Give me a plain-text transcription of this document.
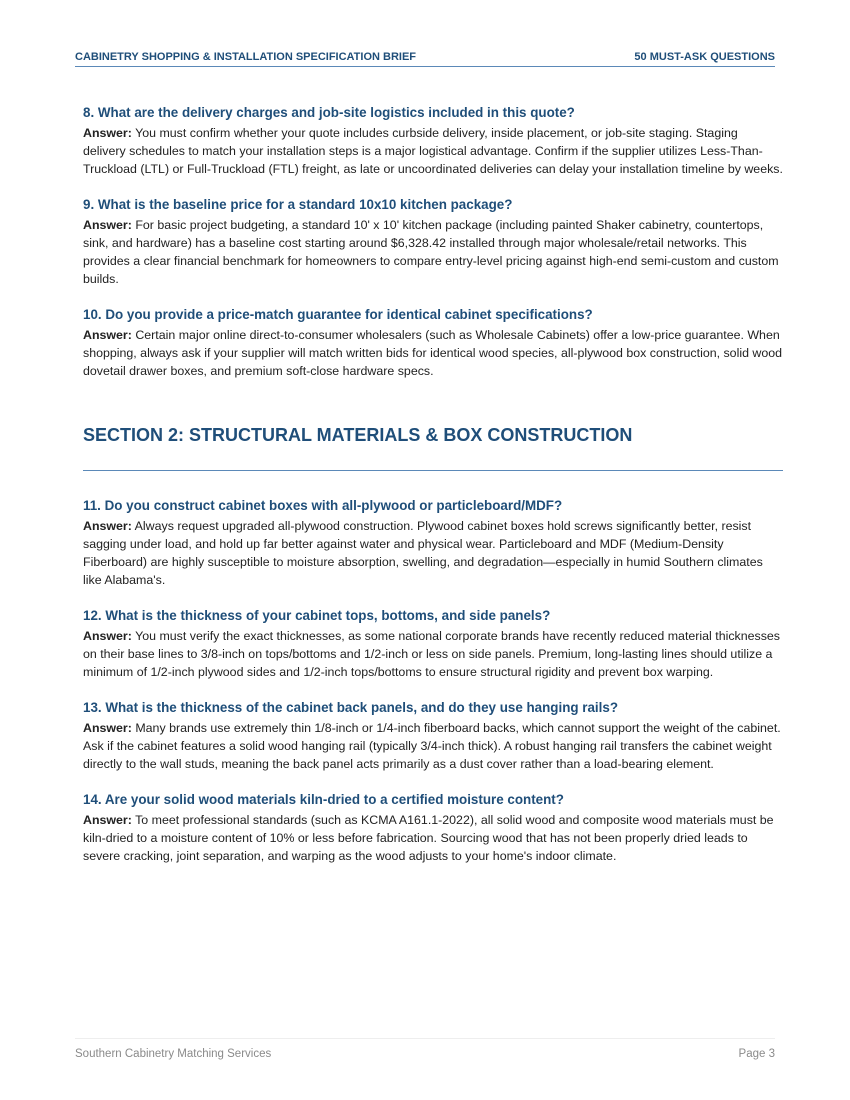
CABINETRY SHOPPING & INSTALLATION SPECIFICATION BRIEF	50 MUST-ASK QUESTIONS

8. What are the delivery charges and job-site logistics included in this quote?

Answer: You must confirm whether your quote includes curbside delivery, inside placement, or job-site staging. Staging delivery schedules to match your installation steps is a major logistical advantage. Confirm if the supplier utilizes Less-Than-Truckload (LTL) or Full-Truckload (FTL) freight, as late or uncoordinated deliveries can delay your installation timeline by weeks.

9. What is the baseline price for a standard 10x10 kitchen package?

Answer: For basic project budgeting, a standard 10' x 10' kitchen package (including painted Shaker cabinetry, countertops, sink, and hardware) has a baseline cost starting around $6,328.42 installed through major wholesale/retail networks. This provides a clear financial benchmark for homeowners to compare entry-level pricing against high-end semi-custom and custom builds.

10. Do you provide a price-match guarantee for identical cabinet specifications?

Answer: Certain major online direct-to-consumer wholesalers (such as Wholesale Cabinets) offer a low-price guarantee. When shopping, always ask if your supplier will match written bids for identical wood species, all-plywood box construction, solid wood dovetail drawer boxes, and premium soft-close hardware specs.

SECTION 2: STRUCTURAL MATERIALS & BOX CONSTRUCTION

11. Do you construct cabinet boxes with all-plywood or particleboard/MDF?

Answer: Always request upgraded all-plywood construction. Plywood cabinet boxes hold screws significantly better, resist sagging under load, and hold up far better against water and physical wear. Particleboard and MDF (Medium-Density Fiberboard) are highly susceptible to moisture absorption, swelling, and degradation—especially in humid Southern climates like Alabama's.

12. What is the thickness of your cabinet tops, bottoms, and side panels?

Answer: You must verify the exact thicknesses, as some national corporate brands have recently reduced material thicknesses on their base lines to 3/8-inch on tops/bottoms and 1/2-inch or less on side panels. Premium, long-lasting lines should utilize a minimum of 1/2-inch plywood sides and 1/2-inch tops/bottoms to ensure structural rigidity and prevent box warping.

13. What is the thickness of the cabinet back panels, and do they use hanging rails?

Answer: Many brands use extremely thin 1/8-inch or 1/4-inch fiberboard backs, which cannot support the weight of the cabinet. Ask if the cabinet features a solid wood hanging rail (typically 3/4-inch thick). A robust hanging rail transfers the cabinet weight directly to the wall studs, meaning the back panel acts primarily as a dust cover rather than a load-bearing element.

14. Are your solid wood materials kiln-dried to a certified moisture content?

Answer: To meet professional standards (such as KCMA A161.1-2022), all solid wood and composite wood materials must be kiln-dried to a moisture content of 10% or less before fabrication. Sourcing wood that has not been properly dried leads to severe cracking, joint separation, and warping as the wood adjusts to your home's indoor climate.

Southern Cabinetry Matching Services	Page 3
